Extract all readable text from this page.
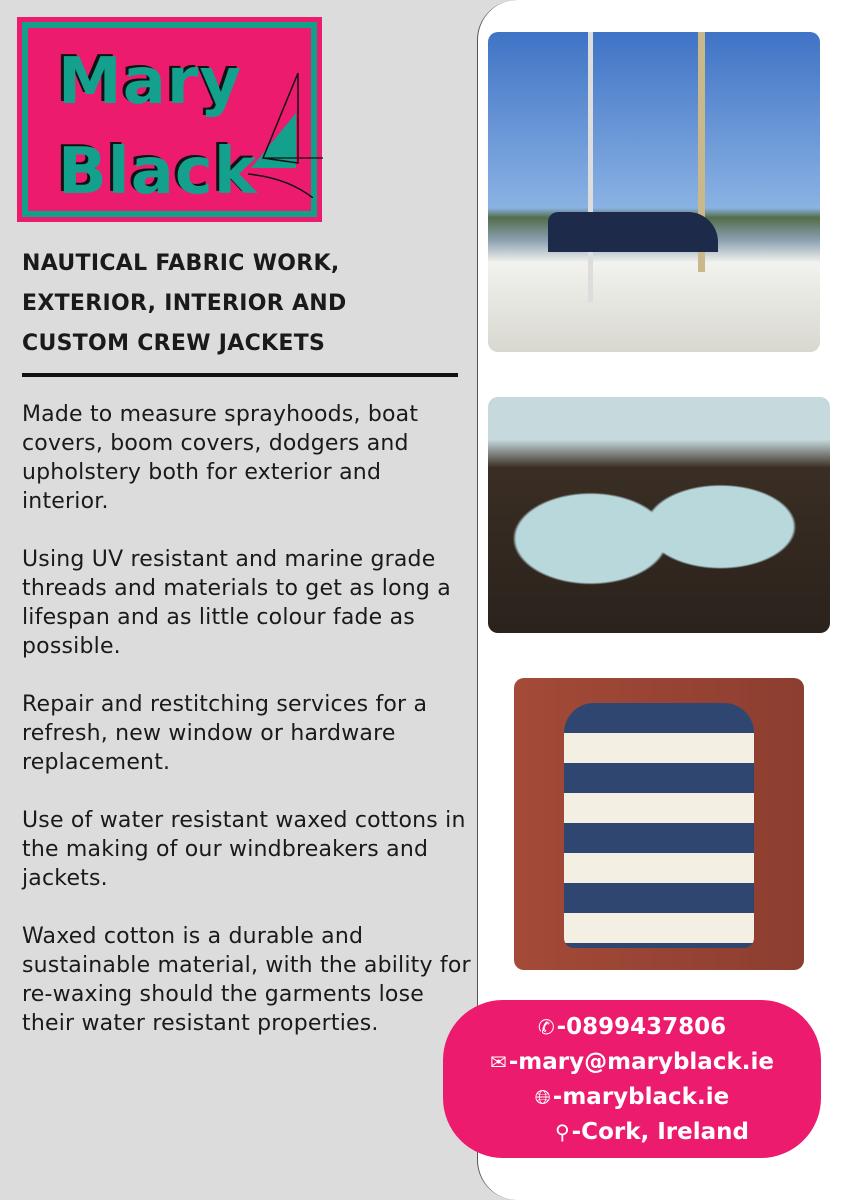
Mary
Black
NAUTICAL FABRIC WORK,
EXTERIOR, INTERIOR AND
CUSTOM CREW JACKETS

Made to measure sprayhoods, boat covers, boom covers, dodgers and upholstery both for exterior and interior.

Using UV resistant and marine grade threads and materials to get as long a lifespan and as little colour fade as possible.

Repair and restitching services for a refresh, new window or hardware replacement.

Use of water resistant waxed cottons in the making of our windbreakers and jackets.

Waxed cotton is a durable and sustainable material, with the ability for re-waxing should the garments lose their water resistant properties.	✆ -0899437806
✉ -mary@maryblack.ie
🌐︎ -maryblack.ie
⚲ -Cork, Ireland
